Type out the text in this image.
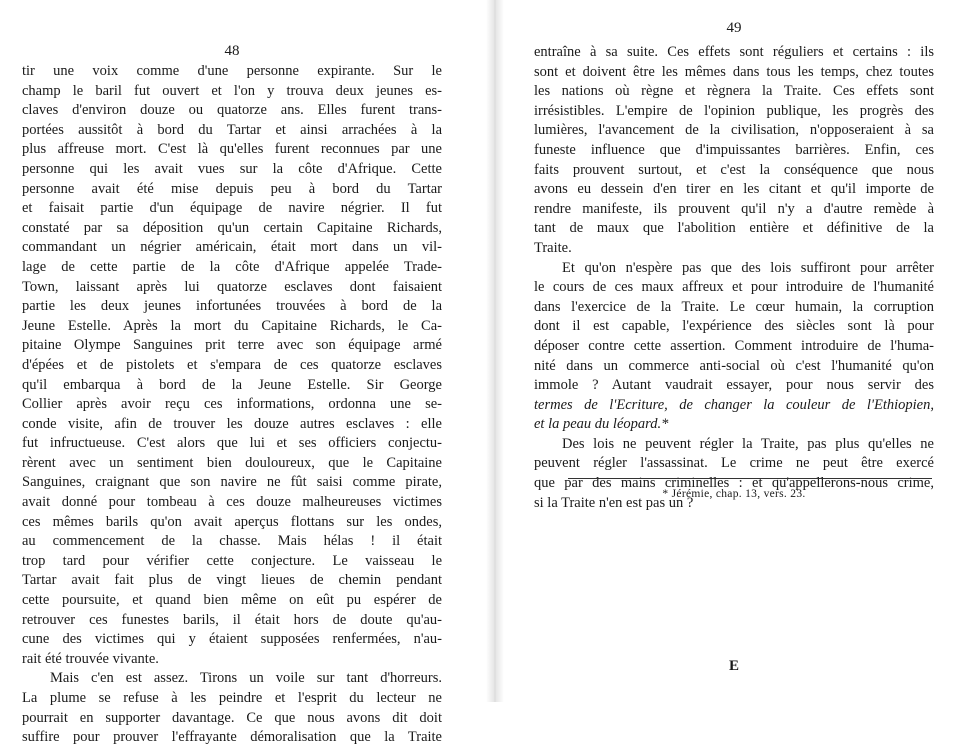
48
tir une voix comme d'une personne expirante. Sur le
champ le baril fut ouvert et l'on y trouva deux jeunes es-
claves d'environ douze ou quatorze ans. Elles furent trans-
portées aussitôt à bord du Tartar et ainsi arrachées à la
plus affreuse mort. C'est là qu'elles furent reconnues par une
personne qui les avait vues sur la côte d'Afrique. Cette
personne avait été mise depuis peu à bord du Tartar
et faisait partie d'un équipage de navire négrier. Il fut
constaté par sa déposition qu'un certain Capitaine Richards,
commandant un négrier américain, était mort dans un vil-
lage de cette partie de la côte d'Afrique appelée Trade-
Town, laissant après lui quatorze esclaves dont faisaient
partie les deux jeunes infortunées trouvées à bord de la
Jeune Estelle. Après la mort du Capitaine Richards, le Ca-
pitaine Olympe Sanguines prit terre avec son équipage armé
d'épées et de pistolets et s'empara de ces quatorze esclaves
qu'il embarqua à bord de la Jeune Estelle. Sir George
Collier après avoir reçu ces informations, ordonna une se-
conde visite, afin de trouver les douze autres esclaves : elle
fut infructueuse. C'est alors que lui et ses officiers conjectu-
rèrent avec un sentiment bien douloureux, que le Capitaine
Sanguines, craignant que son navire ne fût saisi comme pirate,
avait donné pour tombeau à ces douze malheureuses victimes
ces mêmes barils qu'on avait aperçus flottans sur les ondes,
au commencement de la chasse. Mais hélas ! il était
trop tard pour vérifier cette conjecture. Le vaisseau le
Tartar avait fait plus de vingt lieues de chemin pendant
cette poursuite, et quand bien même on eût pu espérer de
retrouver ces funestes barils, il était hors de doute qu'au-
cune des victimes qui y étaient supposées renfermées, n'au-
rait été trouvée vivante.
Mais c'en est assez. Tirons un voile sur tant d'horreurs.
La plume se refuse à les peindre et l'esprit du lecteur ne
pourrait en supporter davantage. Ce que nous avons dit doit
suffire pour prouver l'effrayante démoralisation que la Traite
49
entraîne à sa suite. Ces effets sont réguliers et certains : ils
sont et doivent être les mêmes dans tous les temps, chez toutes
les nations où règne et règnera la Traite. Ces effets sont
irrésistibles. L'empire de l'opinion publique, les progrès des
lumières, l'avancement de la civilisation, n'opposeraient à sa
funeste influence que d'impuissantes barrières. Enfin, ces
faits prouvent surtout, et c'est la conséquence que nous
avons eu dessein d'en tirer en les citant et qu'il importe de
rendre manifeste, ils prouvent qu'il n'y a d'autre remède à
tant de maux que l'abolition entière et définitive de la
Traite.
Et qu'on n'espère pas que des lois suffiront pour arrêter
le cours de ces maux affreux et pour introduire de l'humanité
dans l'exercice de la Traite. Le cœur humain, la corruption
dont il est capable, l'expérience des siècles sont là pour
déposer contre cette assertion. Comment introduire de l'huma-
nité dans un commerce anti-social où c'est l'humanité qu'on
immole ? Autant vaudrait essayer, pour nous servir des
termes de l'Ecriture, de changer la couleur de l'Ethiopien,
et la peau du léopard.*
Des lois ne peuvent régler la Traite, pas plus qu'elles ne
peuvent régler l'assassinat. Le crime ne peut être exercé
que par des mains criminelles : et qu'appellerons-nous crime,
si la Traite n'en est pas un ?
* Jérémie, chap. 13, vers. 23.
E
